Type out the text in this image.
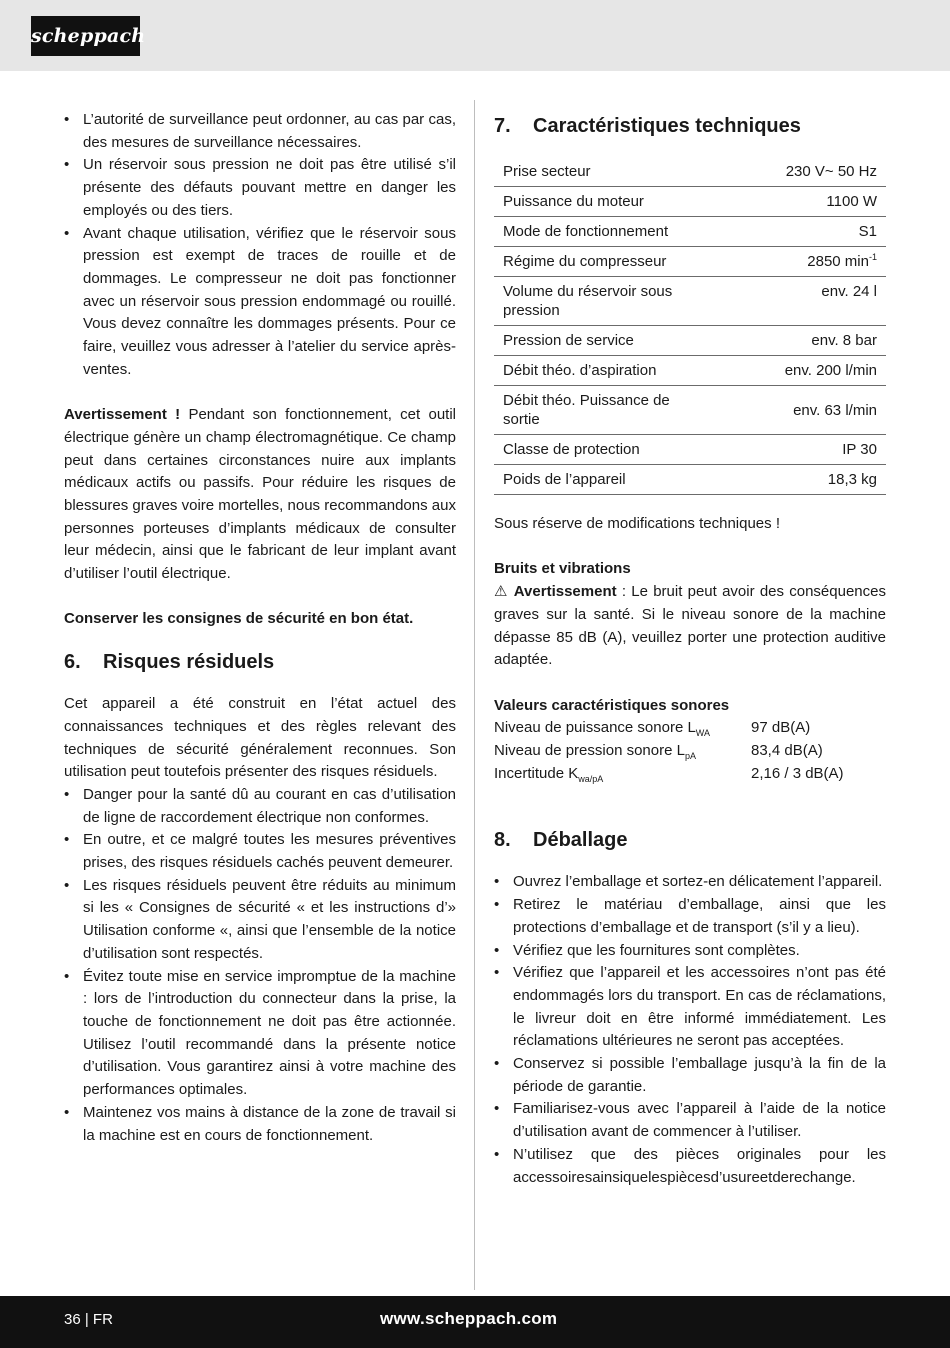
scheppach
• L’autorité de surveillance peut ordonner, au cas par cas, des mesures de surveillance nécessaires.
• Un réservoir sous pression ne doit pas être utilisé s’il présente des défauts pouvant mettre en danger les employés ou des tiers.
• Avant chaque utilisation, vérifiez que le réservoir sous pression est exempt de traces de rouille et de dommages. Le compresseur ne doit pas fonctionner avec un réservoir sous pression endommagé ou rouillé. Vous devez connaître les dommages présents. Pour ce faire, veuillez vous adresser à l’atelier du service après-ventes.

Avertissement ! Pendant son fonctionnement, cet outil électrique génère un champ électromagnétique. Ce champ peut dans certaines circonstances nuire aux implants médicaux actifs ou passifs. Pour réduire les risques de blessures graves voire mortelles, nous recommandons aux personnes porteuses d’implants médicaux de consulter leur médecin, ainsi que le fabricant de leur implant avant d’utiliser l’outil électrique.

Conserver les consignes de sécurité en bon état.

6. Risques résiduels

Cet appareil a été construit en l’état actuel des connaissances techniques et des règles relevant des techniques de sécurité généralement reconnues. Son utilisation peut toutefois présenter des risques résiduels.

• Danger pour la santé dû au courant en cas d’utilisation de ligne de raccordement électrique non conformes.
• En outre, et ce malgré toutes les mesures préventives prises, des risques résiduels cachés peuvent demeurer.
• Les risques résiduels peuvent être réduits au minimum si les « Consignes de sécurité « et les instructions d’» Utilisation conforme «, ainsi que l’ensemble de la notice d’utilisation sont respectés.
• Évitez toute mise en service impromptue de la machine : lors de l’introduction du connecteur dans la prise, la touche de fonctionnement ne doit pas être actionnée. Utilisez l’outil recommandé dans la présente notice d’utilisation. Vous garantirez ainsi à votre machine des performances optimales.
• Maintenez vos mains à distance de la zone de travail si la machine est en cours de fonctionnement.
7. Caractéristiques techniques
Prise secteur	230 V~ 50 Hz
Puissance du moteur	1100 W
Mode de fonctionnement	S1
Régime du compresseur	2850 $\min^{-1}$
Volume du réservoir sous pression	env. 24 l
Pression de service	env. 8 bar
Débit théo. d’aspiration	env. 200 l/min
Débit théo. Puissance de sortie	env. 63 l/min
Classe de protection	IP 30
Poids de l’appareil	18,3 kg

Sous réserve de modifications techniques !

Bruits et vibrations

⚠ Avertissement : Le bruit peut avoir des conséquences graves sur la santé. Si le niveau sonore de la machine dépasse 85 dB (A), veuillez porter une protection auditive adaptée.

Valeurs caractéristiques sonores

Niveau de puissance sonore $L_{WA}$	97 dB(A)
Niveau de pression sonore $L_{pA}$	83,4 dB(A)
Incertitude $K_{wa/pA}$	2,16 / 3 dB(A)
8. Déballage
• Ouvrez l’emballage et sortez-en délicatement l’appareil.
• Retirez le matériau d’emballage, ainsi que les protections d’emballage et de transport (s’il y a lieu).
• Vérifiez que les fournitures sont complètes.
• Vérifiez que l’appareil et les accessoires n’ont pas été endommagés lors du transport. En cas de réclamations, le livreur doit en être informé immédiatement. Les réclamations ultérieures ne seront pas acceptées.
• Conservez si possible l’emballage jusqu’à la fin de la période de garantie.
• Familiarisez-vous avec l’appareil à l’aide de la notice d’utilisation avant de commencer à l’utiliser.
• N’utilisez que des pièces originales pour les accessoiresainsiquelespiècesd’usureetderechange.
36 | FR	www.scheppach.com
